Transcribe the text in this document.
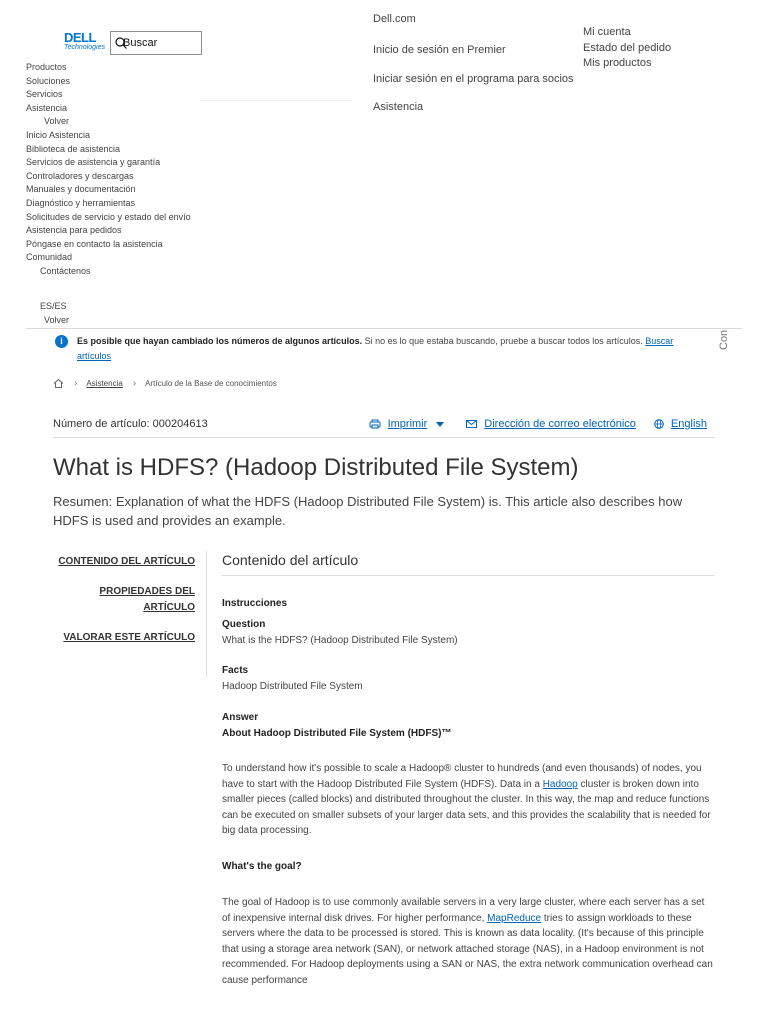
DELL
Technologies
Buscar
Dell.com
Inicio de sesión en Premier
Iniciar sesión en el programa para socios
Asistencia
Mi cuenta
Estado del pedido
Mis productos
Productos
Soluciones
Servicios
Asistencia
Volver
Inicio Asistencia
Biblioteca de asistencia
Servicios de asistencia y garantía
Controladores y descargas
Manuales y documentación
Diagnóstico y herramientas
Solicitudes de servicio y estado del envío
Asistencia para pedidos
Póngase en contacto la asistencia
Comunidad
Contáctenos
ES/ES
Volver
i	Es posible que hayan cambiado los números de algunos artículos. Si no es lo que estaba buscando, pruebe a buscar todos los artículos. Buscar artículos
Con
› Asistencia › Artículo de la Base de conocimientos
Número de artículo: 000204613	Imprimir	Dirección de correo electrónico	English
What is HDFS? (Hadoop Distributed File System)

Resumen: Explanation of what the HDFS (Hadoop Distributed File System) is. This article also describes how HDFS is used and provides an example.

CONTENIDO DEL ARTÍCULO
PROPIEDADES DEL ARTÍCULO
VALORAR ESTE ARTÍCULO
Contenido del artículo
Instrucciones
Question
What is the HDFS? (Hadoop Distributed File System)
Facts
Hadoop Distributed File System
Answer
About Hadoop Distributed File System (HDFS)™
To understand how it's possible to scale a Hadoop® cluster to hundreds (and even thousands) of nodes, you have to start with the Hadoop Distributed File System (HDFS). Data in a Hadoop cluster is broken down into smaller pieces (called blocks) and distributed throughout the cluster. In this way, the map and reduce functions can be executed on smaller subsets of your larger data sets, and this provides the scalability that is needed for big data processing.
What's the goal?
The goal of Hadoop is to use commonly available servers in a very large cluster, where each server has a set of inexpensive internal disk drives. For higher performance, MapReduce tries to assign workloads to these servers where the data to be processed is stored. This is known as data locality. (It's because of this principle that using a storage area network (SAN), or network attached storage (NAS), in a Hadoop environment is not recommended. For Hadoop deployments using a SAN or NAS, the extra network communication overhead can cause performance
